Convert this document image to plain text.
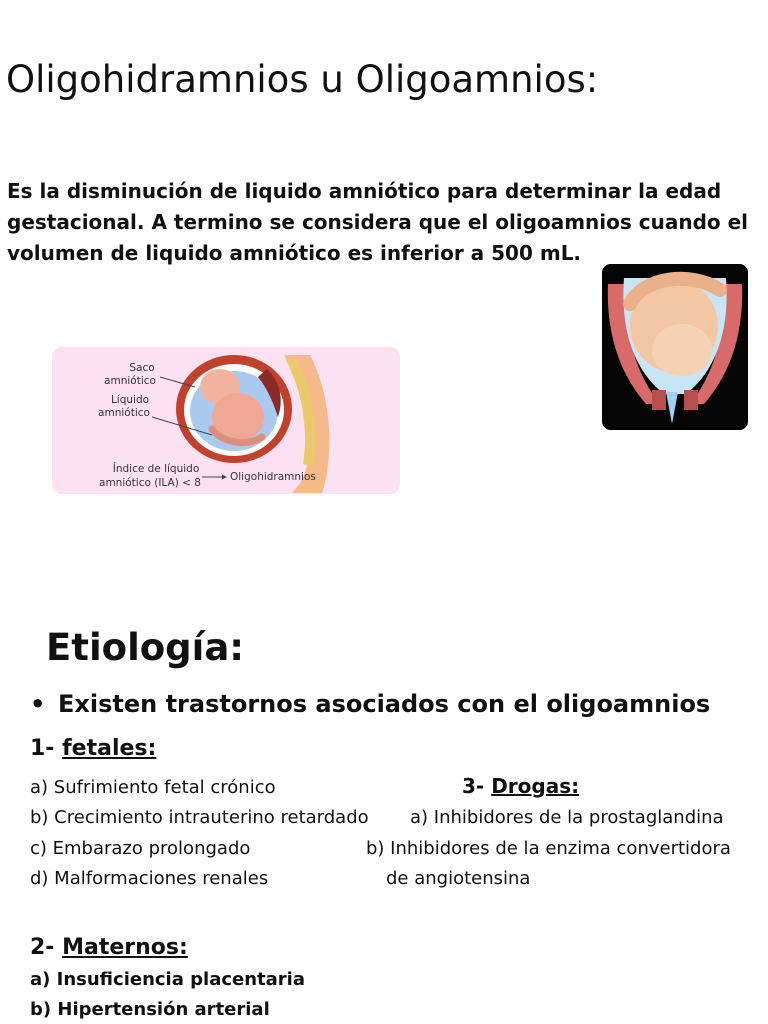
Oligohidramnios u Oligoamnios:
Es la disminución de liquido amniótico para determinar la edad
gestacional. A termino se considera que el oligoamnios cuando el
volumen de liquido amniótico es inferior a 500 mL.
Saco
amniótico
Líquido
amniótico
Índice de líquido
amniótico (ILA) < 8	Oligohidramnios
Etiología:
• Existen trastornos asociados con el oligoamnios
1- fetales:
a) Sufrimiento fetal crónico
b) Crecimiento intrauterino retardado
c) Embarazo prolongado
d) Malformaciones renales
3- Drogas:
a) Inhibidores de la prostaglandina
b) Inhibidores de la enzima convertidora
de angiotensina
2- Maternos:
a) Insuficiencia placentaria
b) Hipertensión arterial
